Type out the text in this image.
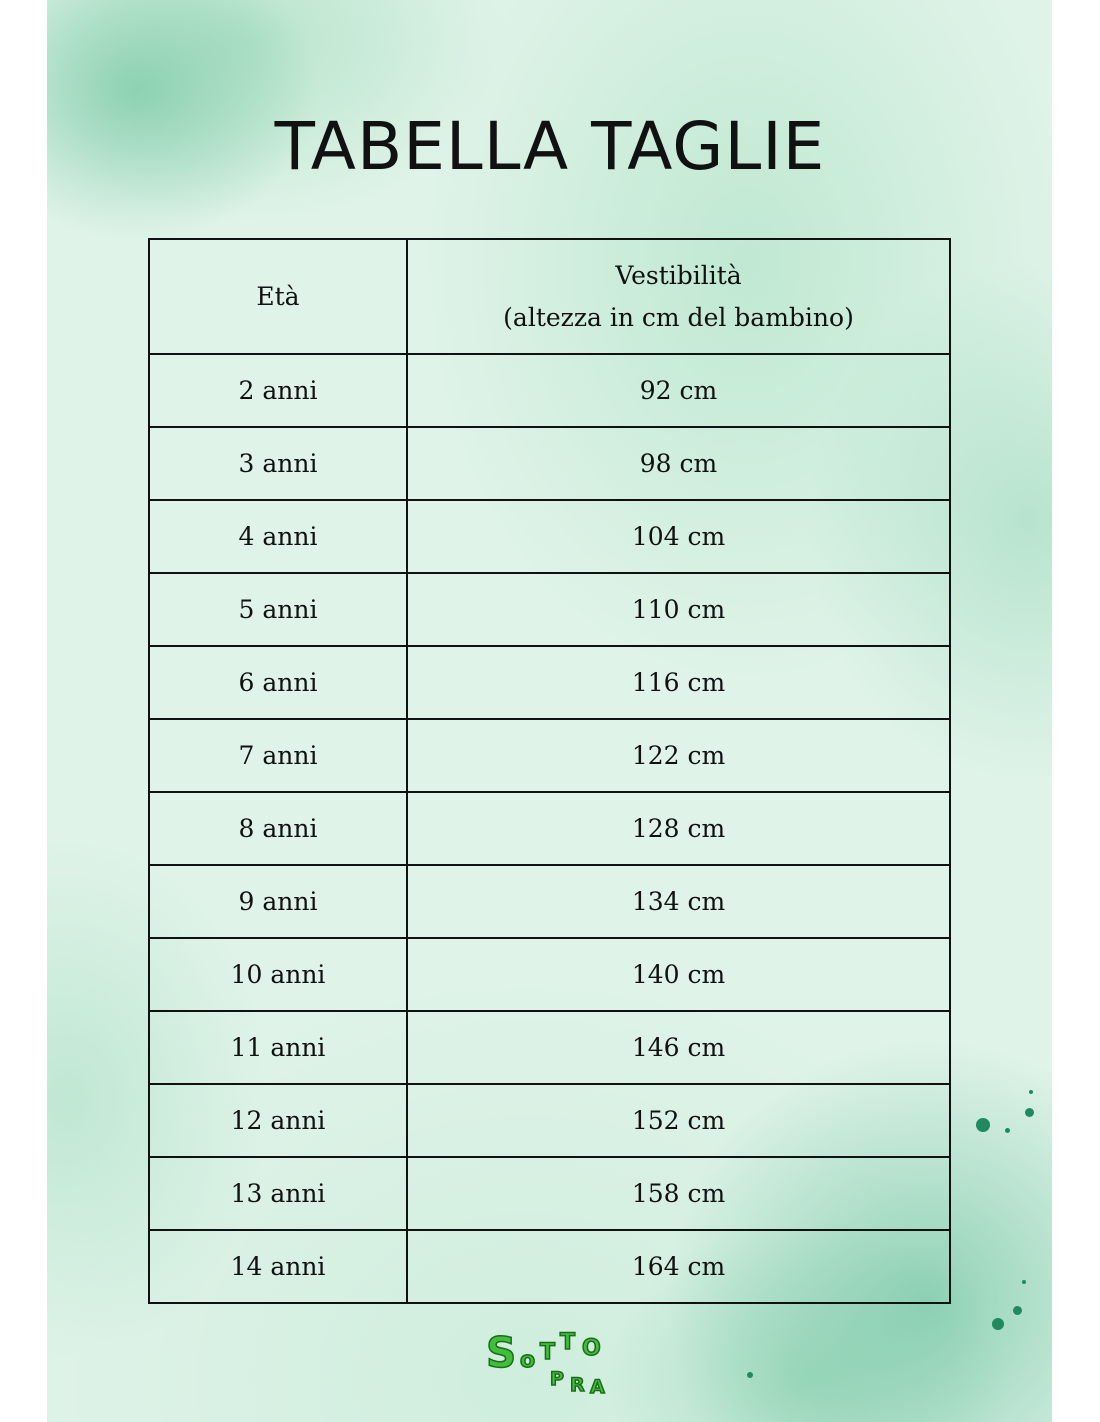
TABELLA TAGLIE
Età	Vestibilità
(altezza in cm del bambino)

2 anni	92 cm
3 anni	98 cm
4 anni	104 cm
5 anni	110 cm
6 anni	116 cm
7 anni	122 cm
8 anni	128 cm
9 anni	134 cm
10 anni	140 cm
11 anni	146 cm
12 anni	152 cm
13 anni	158 cm
14 anni	164 cm
S o T T O
P R A
